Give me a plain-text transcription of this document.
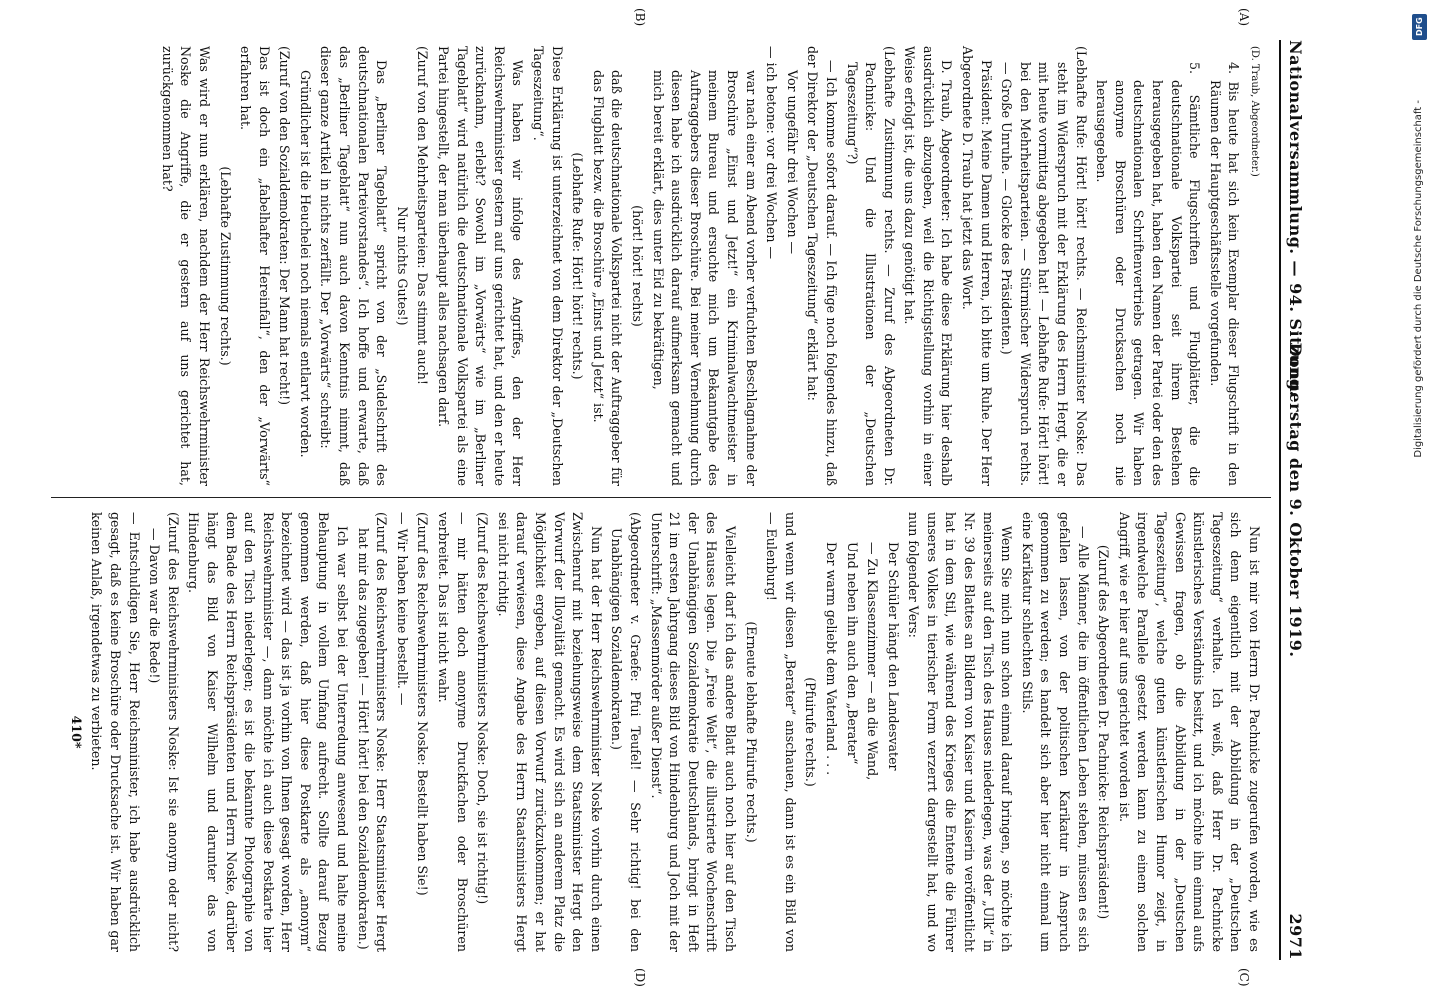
Nationalversammlung. — 94. Sitzung.
Donnerstag den 9. Oktober 1919.
2971
(A)
(B)
(C)
(D)

(D. Traub, Abgeordneter.)

4. Bis heute hat sich kein Exemplar dieser Flugschrift in den Räumen der Hauptgeschäftsstelle vorgefunden.

5. Sämtliche Flugschriften und Flugblätter, die die deutschnationale Volkspartei seit ihrem Bestehen herausgegeben hat, haben den Namen der Partei oder den des deutschnationalen Schriftenvertriebs getragen. Wir haben anonyme Broschüren oder Drucksachen noch nie herausgegeben.

(Lebhafte Rufe: Hört! hört! rechts. — Reichsminister Noske: Das steht im Widerspruch mit der Erklärung des Herrn Hergt, die er mit heute vormittag abgegeben hat! — Lebhafte Rufe: Hört! hört! bei den Mehrheitsparteien. — Stürmischer Widerspruch rechts. — Große Unruhe. — Glocke des Präsidenten.)

Präsident: Meine Damen und Herren, ich bitte um Ruhe. Der Herr Abgeordnete D. Traub hat jetzt das Wort.

D. Traub, Abgeordneter: Ich habe diese Erklärung hier deshalb ausdrücklich abzugeben, weil die Richtigstellung vorhin in einer Weise erfolgt ist, die uns dazu genötigt hat.

(Lebhafte Zustimmung rechts. — Zuruf des Abgeordneten Dr. Pachnicke: Und die Illustrationen der „Deutschen Tageszeitung“?)

— Ich komme sofort darauf. — Ich füge noch folgendes hinzu, daß der Direktor der „Deutschen Tageszeitung“ erklärt hat:

Vor ungefähr drei Wochen —

— ich betone: vor drei Wochen —

war nach einer am Abend vorher verfuchten Beschlagnahme der Broschüre „Einst und Jetzt!“ ein Kriminalwachtmeister in meinem Bureau und ersuchte mich um Bekanntgabe des Auftraggebers dieser Broschüre. Bei meiner Vernehmung durch diesen habe ich ausdrücklich darauf aufmerksam gemacht und mich bereit erklärt, dies unter Eid zu bekräftigen,

(hört! hört! rechts)

daß die deutschnationale Volkspartei nicht der Auftraggeber für das Flugblatt bezw. die Broschüre „Einst und Jetzt“ ist.

(Lebhafte Rufe: Hört! hört! rechts.)

Diese Erklärung ist unterzeichnet von dem Direktor der „Deutschen Tageszeitung“.

Was haben wir infolge des Angriffes, den der Herr Reichswehrminister gestern auf uns gerichtet hat, und den er heute zurücknahm, erlebt? Sowohl im „Vorwärts“ wie im „Berliner Tageblatt“ wird natürlich die deutschnationale Volkspartei als eine Partei hingestellt, der man überhaupt alles nachsagen darf.

(Zuruf von den Mehrheitsparteien: Das stimmt auch!

Nur nichts Gutes!)

Das „Berliner Tageblatt“ spricht von der „Sudelschrift des deutschnationalen Parteivorstandes“. Ich hoffe und erwarte, daß das „Berliner Tageblatt“ nun auch davon Kenntnis nimmt, daß dieser ganze Artikel in nichts zerfällt. Der „Vorwärts“ schreibt:

Gründlicher ist die Heuchelei noch niemals entlarvt worden.

(Zuruf von den Sozialdemokraten: Der Mann hat recht!)

Das ist doch ein „fabelhafter Hereinfall“, den der „Vorwärts“ erfahren hat.

(Lebhafte Zustimmung rechts.)

Was wird er nun erklären, nachdem der Herr Reichswehrminister Noske die Angriffe, die er gestern auf uns gerichtet hat, zurückgenommen hat?

Nun ist mir von Herrn Dr. Pachnicke zugerufen worden, wie es sich denn eigentlich mit der Abbildung in der „Deutschen Tageszeitung“ verhalte. Ich weiß, daß Herr Dr. Pachnicke künstlerisches Verständnis besitzt, und ich möchte ihn einmal aufs Gewissen fragen, ob die Abbildung in der „Deutschen Tageszeitung“, welche guten künstlerischen Humor zeigt, in irgendwelche Parallele gesetzt werden kann zu einem solchen Angriff, wie er hier auf uns gerichtet worden ist.

(Zuruf des Abgeordneten Dr. Pachnicke: Reichspräsident!)

— Alle Männer, die im öffentlichen Leben stehen, müssen es sich gefallen lassen, von der politischen Karikatur in Anspruch genommen zu werden; es handelt sich aber hier nicht einmal um eine Karikatur schlechten Stils.

Wenn Sie mich nun schon einmal darauf bringen, so möchte ich meinerseits auf den Tisch des Hauses niederlegen, was der „Ulk“ in Nr. 39 des Blattes an Bildern von Kaiser und Kaiserin veröffentlicht hat in dem Stil, wie während des Krieges die Entente die Führer unseres Volkes in tierischer Form verzerrt dargestellt hat, und wo nun folgender Vers:

Der Schüler hängt den Landesvater

— Zu Klassenzimmer — an die Wand,

Und neben ihn auch den „Berater“

Der warm geliebt dem Vaterland . . .

(Pfuirufe rechts.)

und wenn wir diesen „Berater“ anschauen, dann ist es ein Bild von — Eulenburg!

(Erneute lebhafte Pfuirufe rechts.)

Vielleicht darf ich das andere Blatt auch noch hier auf den Tisch des Hauses legen. Die „Freie Welt“, die illustrierte Wochenschrift der Unabhängigen Sozialdemokratie Deutschlands, bringt in Heft 21 im ersten Jahrgang dieses Bild von Hindenburg und Joch mit der Unterschrift: „Massenmörder außer Dienst“.

(Abgeordneter v. Graefe: Pfui Teufel! — Sehr richtig! bei den Unabhängigen Sozialdemokraten.)

Nun hat der Herr Reichswehrminister Noske vorhin durch einen Zwischenruf mit beziehungsweise dem Staatsminister Hergt den Vorwurf der Illoyalität gemacht. Es wird sich an anderem Platz die Möglichkeit ergeben, auf diesen Vorwurf zurückzukommen; er hat darauf verwiesen, diese Angabe des Herrn Staatsministers Hergt sei nicht richtig.

(Zuruf des Reichswehrministers Noske: Doch, sie ist richtig!)

— mir hätten doch anonyme Druckfachen oder Broschüren verbreitet. Das ist nicht wahr.

(Zuruf des Reichswehrministers Noske: Bestellt haben Sie!)

— Wir haben keine bestellt. —

(Zuruf des Reichswehrministers Noske: Herr Staatsminister Hergt hat mir das zugegeben! — Hört! hört! bei den Sozialdemokraten.)

Ich war selbst bei der Unterredung anwesend und halte meine Behauptung in vollem Umfang aufrecht. Sollte darauf Bezug genommen werden, daß hier diese Postkarte als „anonym“ bezeichnet wird — das ist ja vorhin von Ihnen gesagt worden, Herr Reichswehrminister —, dann möchte ich auch diese Postkarte hier auf den Tisch niederlegen; es ist die bekannte Photographie von dem Bade des Herrn Reichspräsidenten und Herrn Noske, darüber hängt das Bild von Kaiser Wilhelm und darunter das von Hindenburg.

(Zuruf des Reichswehrministers Noske: Ist sie anonym oder nicht? — Davon war die Rede!)

— Entschuldigen Sie, Herr Reichsminister, ich habe ausdrücklich gesagt, daß es keine Broschüre oder Drucksache ist. Wir haben gar keinen Anlaß, irgendetwas zu verbieten.

410*

DFG
Digitalisierung gefördert durch die Deutsche Forschungsgemeinschaft -
